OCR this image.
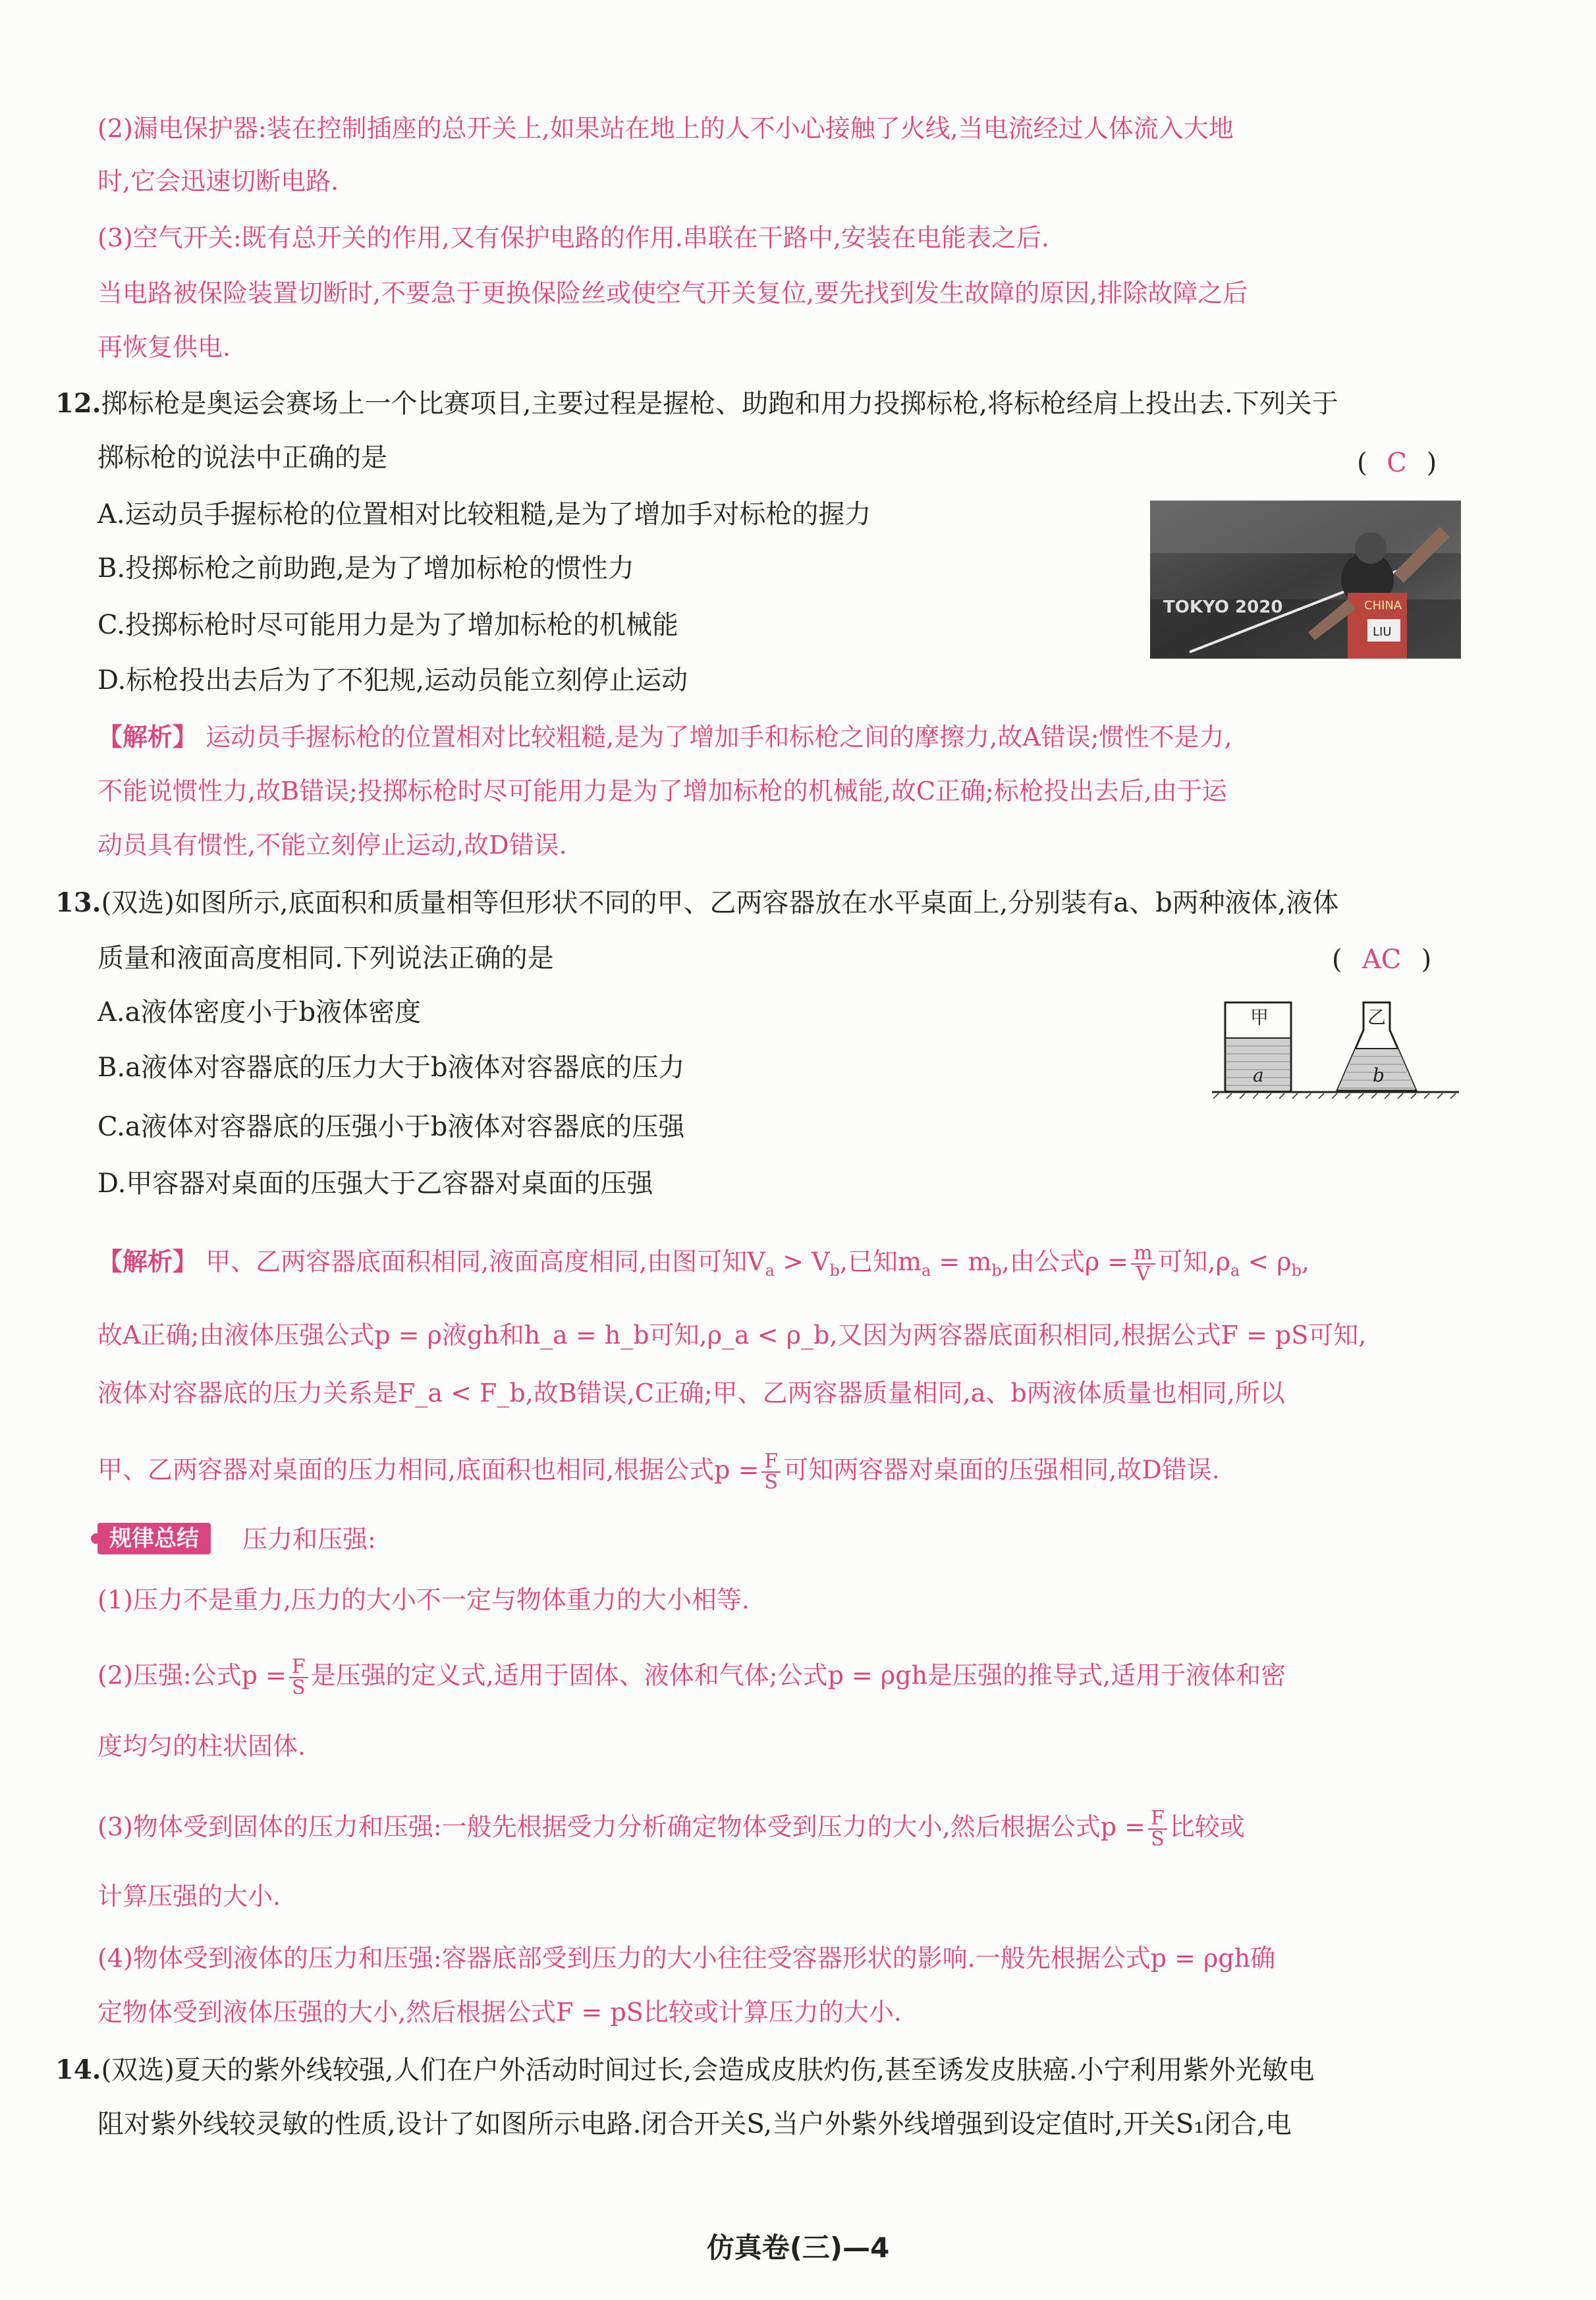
(2)漏电保护器:装在控制插座的总开关上,如果站在地上的人不小心接触了火线,当电流经过人体流入大地
时,它会迅速切断电路.
(3)空气开关:既有总开关的作用,又有保护电路的作用.串联在干路中,安装在电能表之后.
当电路被保险装置切断时,不要急于更换保险丝或使空气开关复位,要先找到发生故障的原因,排除故障之后
再恢复供电.
12.掷标枪是奥运会赛场上一个比赛项目,主要过程是握枪、助跑和用力投掷标枪,将标枪经肩上投出去.下列关于
掷标枪的说法中正确的是	( C )
A.运动员手握标枪的位置相对比较粗糙,是为了增加手对标枪的握力
B.投掷标枪之前助跑,是为了增加标枪的惯性力
C.投掷标枪时尽可能用力是为了增加标枪的机械能
D.标枪投出去后为了不犯规,运动员能立刻停止运动
TOKYO 2020	CHINA
LIU
【解析】 运动员手握标枪的位置相对比较粗糙,是为了增加手和标枪之间的摩擦力,故A错误;惯性不是力,
不能说惯性力,故B错误;投掷标枪时尽可能用力是为了增加标枪的机械能,故C正确;标枪投出去后,由于运
动员具有惯性,不能立刻停止运动,故D错误.
13.(双选)如图所示,底面积和质量相等但形状不同的甲、乙两容器放在水平桌面上,分别装有a、b两种液体,液体
质量和液面高度相同.下列说法正确的是	( AC )
A.a液体密度小于b液体密度
B.a液体对容器底的压力大于b液体对容器底的压力
C.a液体对容器底的压强小于b液体对容器底的压强
D.甲容器对桌面的压强大于乙容器对桌面的压强
甲
a
乙
b
【解析】 甲、乙两容器底面积相同,液面高度相同,由图可知$V_a > V_b$,已知$m_a = m_b$,由公式$\rho = \frac{m}{V}$ 可知$,\rho_a < \rho_b$,
故A正确;由液体压强公式p = ρ液gh和h_a = h_b可知,ρ_a < ρ_b,又因为两容器底面积相同,根据公式F = pS可知,
液体对容器底的压力关系是F_a < F_b,故B错误,C正确;甲、乙两容器质量相同,a、b两液体质量也相同,所以
甲、乙两容器对桌面的压力相同,底面积也相同,根据公式$p = \frac{F}{S}$ 可知两容器对桌面的压强相同,故D错误.
规律总结	压力和压强:
(1)压力不是重力,压力的大小不一定与物体重力的大小相等.
(2)压强:公式$p = \frac{F}{S}$ 是压强的定义式,适用于固体、液体和气体;公式p = ρgh是压强的推导式,适用于液体和密
度均匀的柱状固体.
(3)物体受到固体的压力和压强:一般先根据受力分析确定物体受到压力的大小,然后根据公式$p = \frac{F}{S}$ 比较或
计算压强的大小.
(4)物体受到液体的压力和压强:容器底部受到压力的大小往往受容器形状的影响.一般先根据公式p = ρgh确
定物体受到液体压强的大小,然后根据公式F = pS比较或计算压力的大小.
14.(双选)夏天的紫外线较强,人们在户外活动时间过长,会造成皮肤灼伤,甚至诱发皮肤癌.小宁利用紫外光敏电
阻对紫外线较灵敏的性质,设计了如图所示电路.闭合开关S,当户外紫外线增强到设定值时,开关S₁闭合,电
仿真卷(三)—4
